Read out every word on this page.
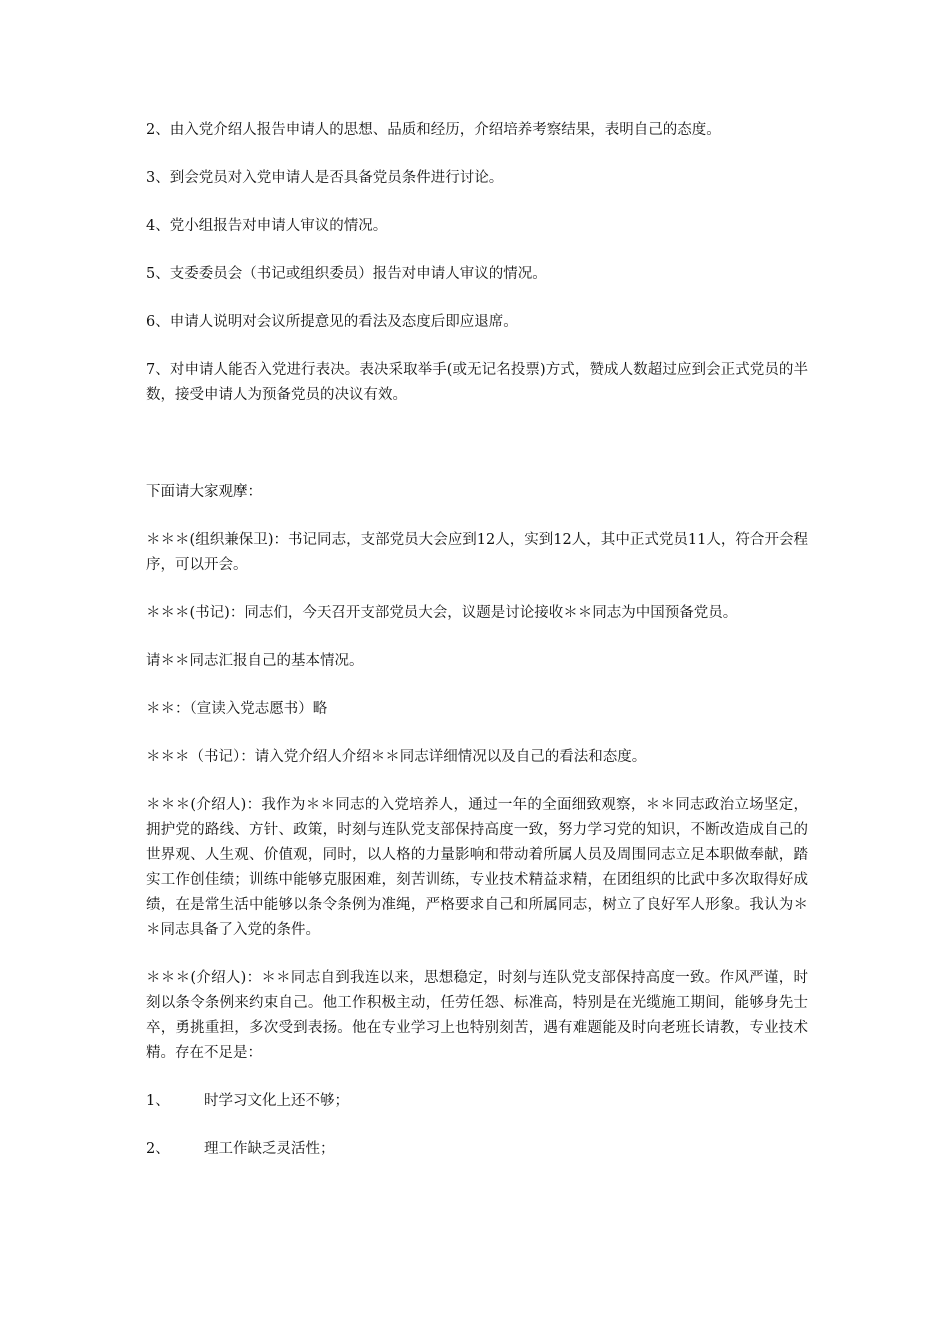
2、由入党介绍人报告申请人的思想、品质和经历，介绍培养考察结果，表明自己的态度。

3、到会党员对入党申请人是否具备党员条件进行讨论。

4、党小组报告对申请人审议的情况。

5、支委委员会（书记或组织委员）报告对申请人审议的情况。

6、申请人说明对会议所提意见的看法及态度后即应退席。

7、对申请人能否入党进行表决。表决采取举手(或无记名投票)方式，赞成人数超过应到会正式党员的半数，接受申请人为预备党员的决议有效。

下面请大家观摩：

＊＊＊(组织兼保卫)：书记同志，支部党员大会应到12人，实到12人，其中正式党员11人，符合开会程序，可以开会。

＊＊＊(书记)：同志们，今天召开支部党员大会，议题是讨论接收＊＊同志为中国预备党员。

请＊＊同志汇报自己的基本情况。

＊＊：（宣读入党志愿书）略

＊＊＊（书记）：请入党介绍人介绍＊＊同志详细情况以及自己的看法和态度。

＊＊＊(介绍人)：我作为＊＊同志的入党培养人，通过一年的全面细致观察，＊＊同志政治立场坚定，拥护党的路线、方针、政策，时刻与连队党支部保持高度一致，努力学习党的知识，不断改造成自己的世界观、人生观、价值观，同时，以人格的力量影响和带动着所属人员及周围同志立足本职做奉献，踏实工作创佳绩；训练中能够克服困难，刻苦训练，专业技术精益求精，在团组织的比武中多次取得好成绩，在是常生活中能够以条令条例为准绳，严格要求自己和所属同志，树立了良好军人形象。我认为＊＊同志具备了入党的条件。

＊＊＊(介绍人)：＊＊同志自到我连以来，思想稳定，时刻与连队党支部保持高度一致。作风严谨，时刻以条令条例来约束自己。他工作积极主动，任劳任怨、标准高，特别是在光缆施工期间，能够身先士卒，勇挑重担，多次受到表扬。他在专业学习上也特别刻苦，遇有难题能及时向老班长请教，专业技术精。存在不足是：

1、	时学习文化上还不够；
2、	理工作缺乏灵活性；
